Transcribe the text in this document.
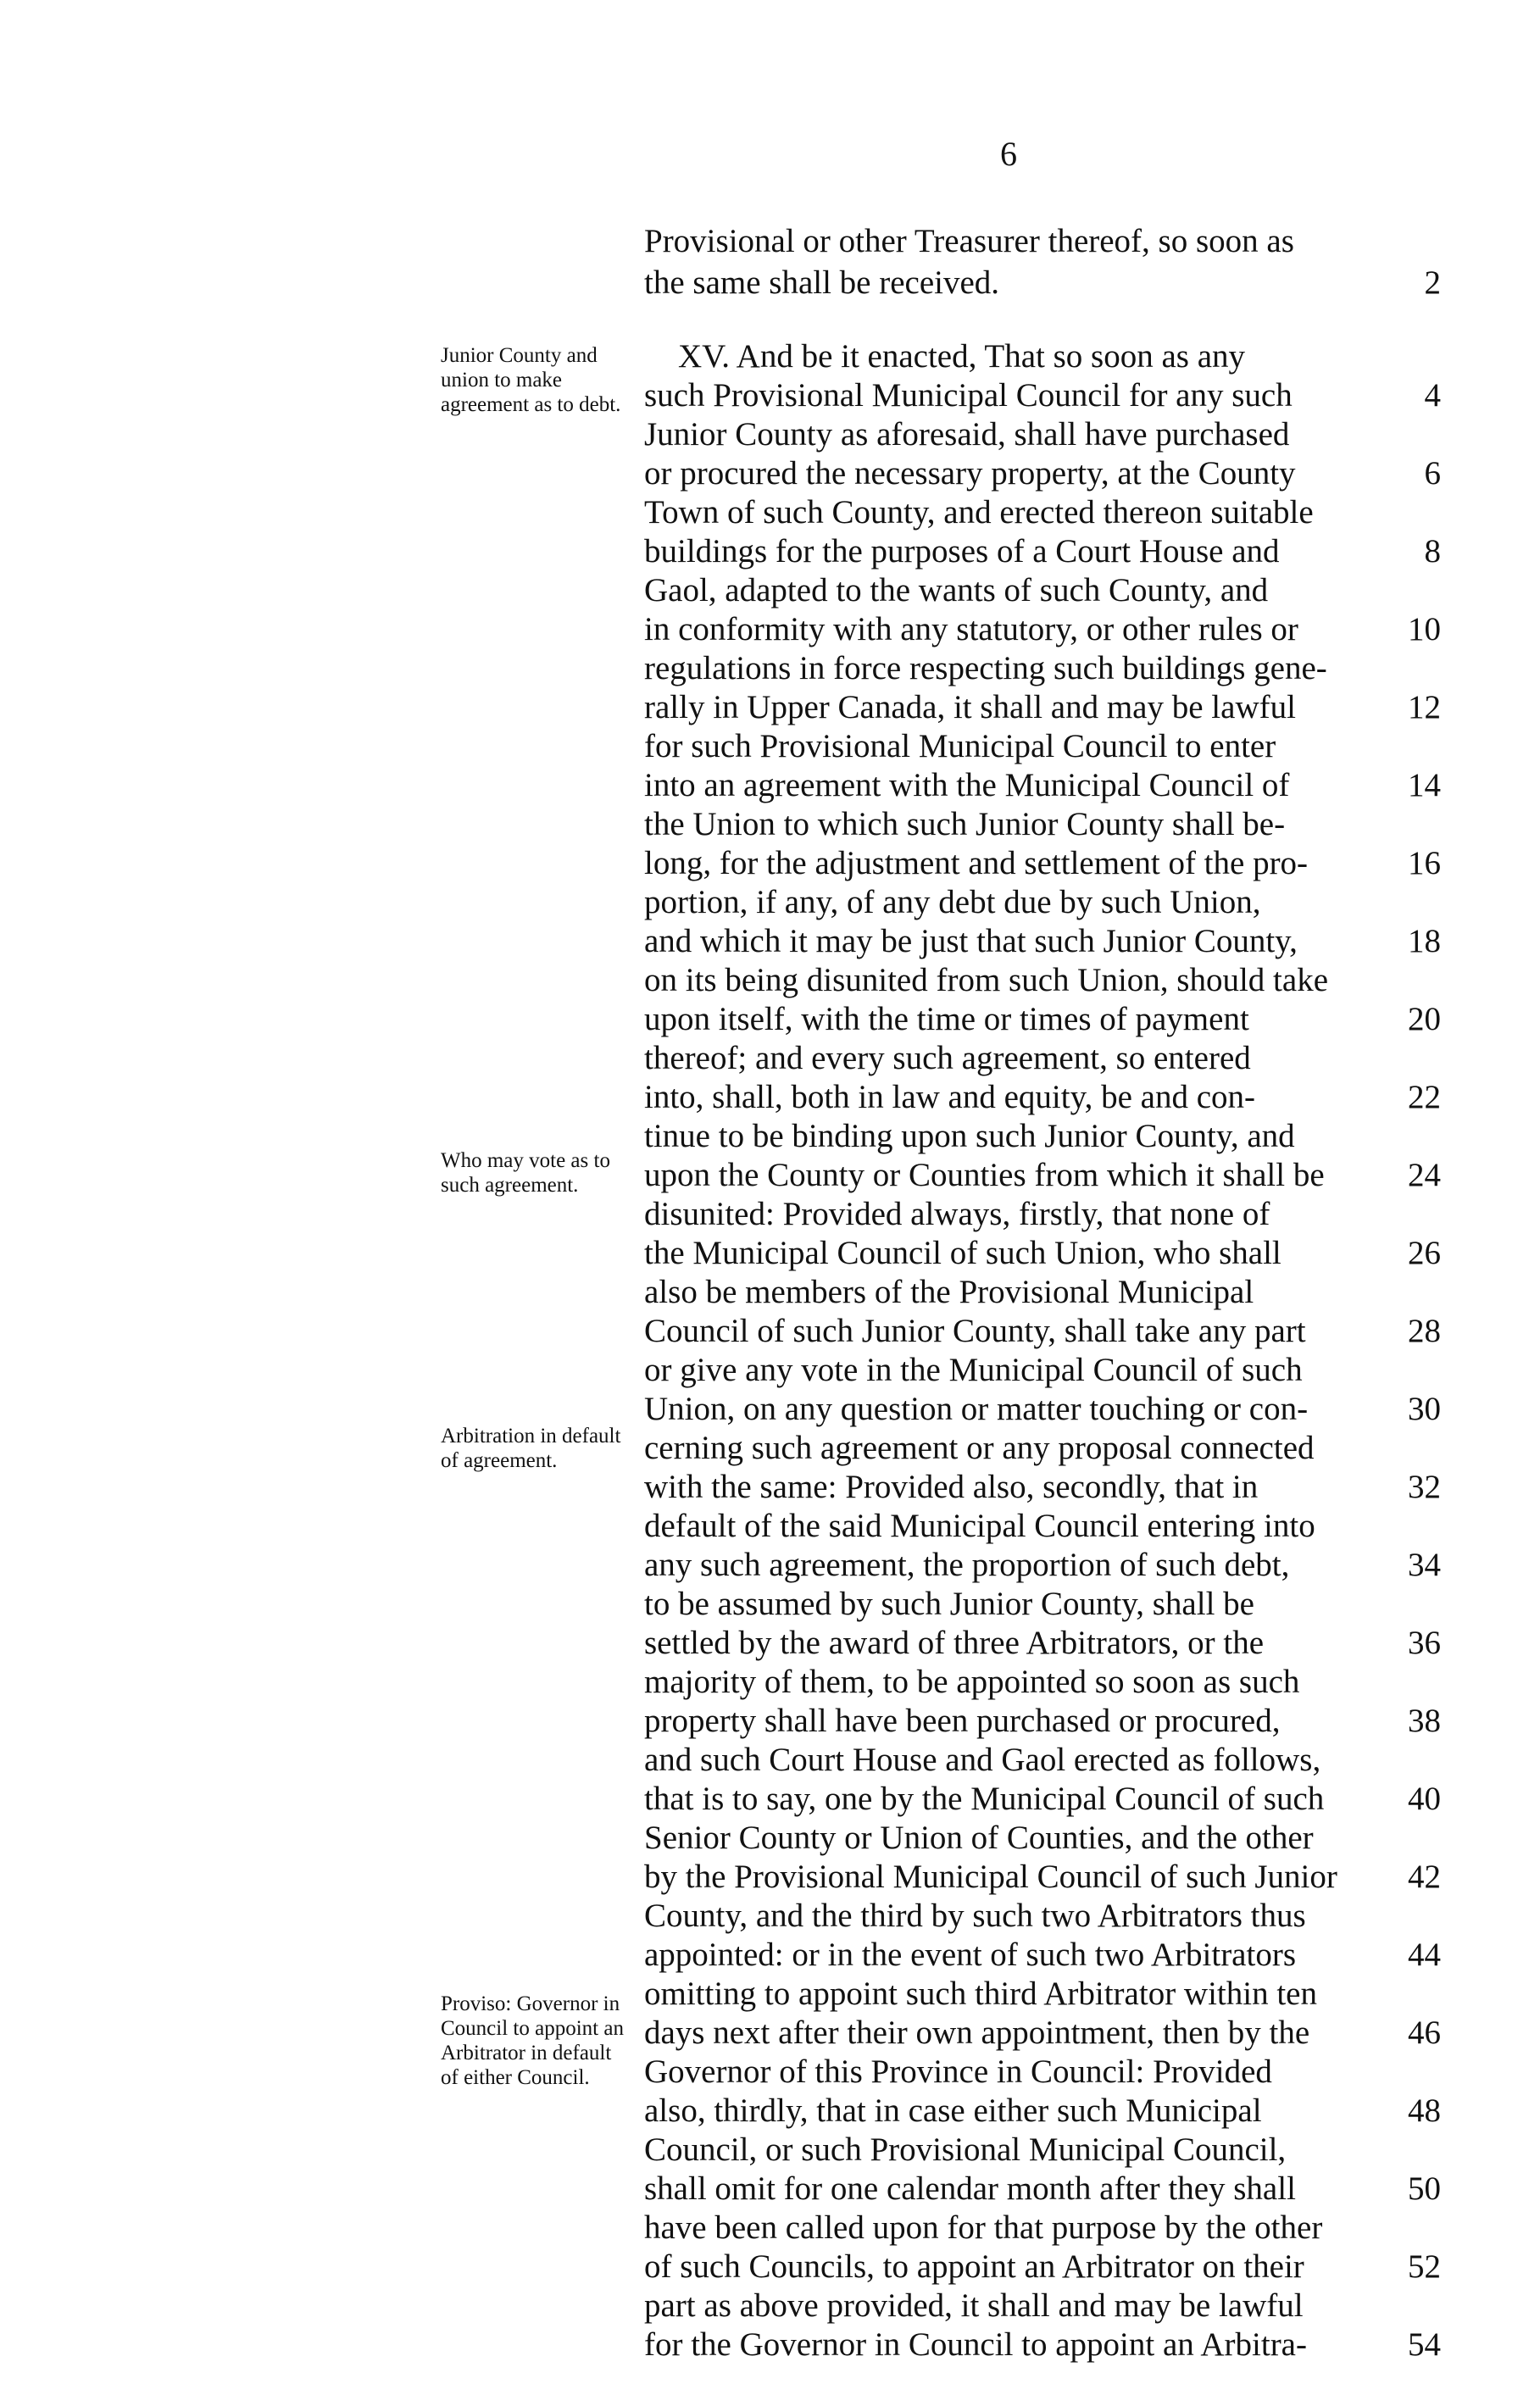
6
Junior County and union to make agreement as to debt.
Who may vote as to such agreement.
Arbitration in default of agreement.
Proviso: Governor in Council to appoint an Arbitrator in default of either Council.
Provisional or other Treasurer thereof, so soon as
the same shall be received.	2
XV. And be it enacted, That so soon as any
such Provisional Municipal Council for any such	4
Junior County as aforesaid, shall have purchased
or procured the necessary property, at the County	6
Town of such County, and erected thereon suitable
buildings for the purposes of a Court House and	8
Gaol, adapted to the wants of such County, and
in conformity with any statutory, or other rules or	10
regulations in force respecting such buildings gene-
rally in Upper Canada, it shall and may be lawful	12
for such Provisional Municipal Council to enter
into an agreement with the Municipal Council of	14
the Union to which such Junior County shall be-
long, for the adjustment and settlement of the pro-	16
portion, if any, of any debt due by such Union,
and which it may be just that such Junior County,	18
on its being disunited from such Union, should take
upon itself, with the time or times of payment	20
thereof; and every such agreement, so entered
into, shall, both in law and equity, be and con-	22
tinue to be binding upon such Junior County, and
upon the County or Counties from which it shall be	24
disunited: Provided always, firstly, that none of
the Municipal Council of such Union, who shall	26
also be members of the Provisional Municipal
Council of such Junior County, shall take any part	28
or give any vote in the Municipal Council of such
Union, on any question or matter touching or con-	30
cerning such agreement or any proposal connected
with the same: Provided also, secondly, that in	32
default of the said Municipal Council entering into
any such agreement, the proportion of such debt,	34
to be assumed by such Junior County, shall be
settled by the award of three Arbitrators, or the	36
majority of them, to be appointed so soon as such
property shall have been purchased or procured,	38
and such Court House and Gaol erected as follows,
that is to say, one by the Municipal Council of such	40
Senior County or Union of Counties, and the other
by the Provisional Municipal Council of such Junior	42
County, and the third by such two Arbitrators thus
appointed: or in the event of such two Arbitrators	44
omitting to appoint such third Arbitrator within ten
days next after their own appointment, then by the	46
Governor of this Province in Council: Provided
also, thirdly, that in case either such Municipal	48
Council, or such Provisional Municipal Council,
shall omit for one calendar month after they shall	50
have been called upon for that purpose by the other
of such Councils, to appoint an Arbitrator on their	52
part as above provided, it shall and may be lawful
for the Governor in Council to appoint an Arbitra-	54
